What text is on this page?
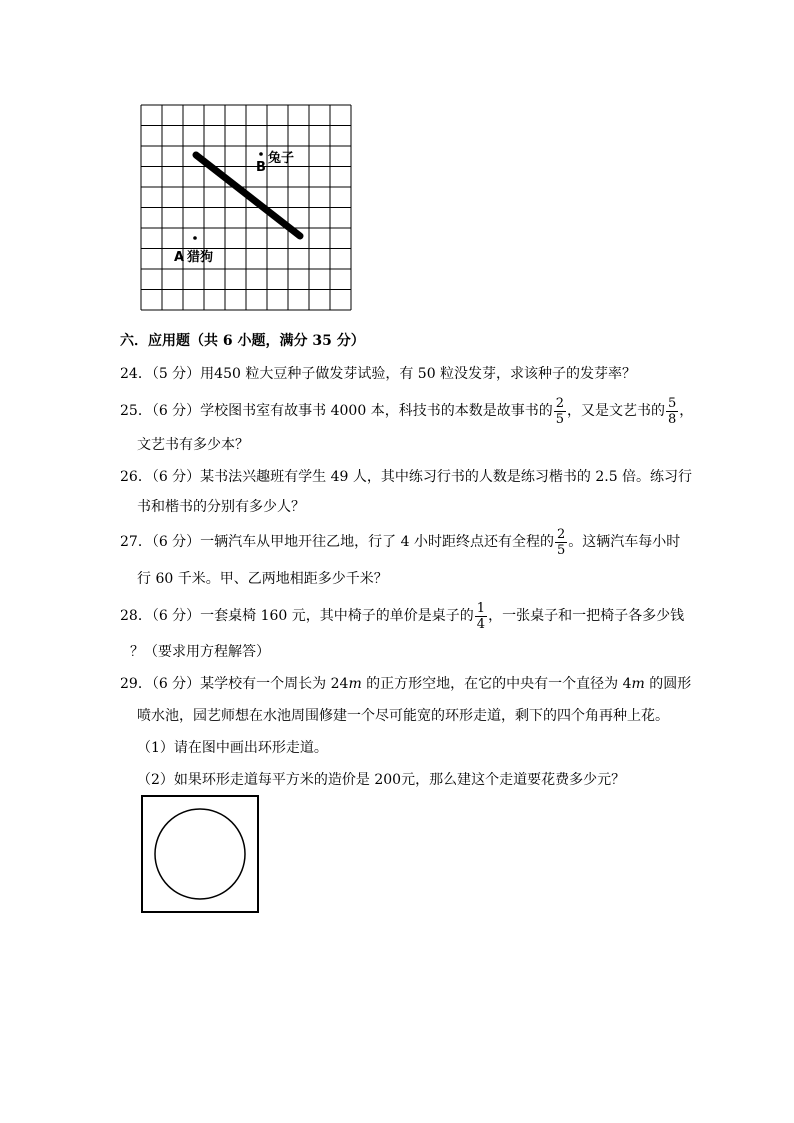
B
兔子
A 猎狗
六．应用题（共 6 小题，满分 35 分）
24．（5 分）用450 粒大豆种子做发芽试验，有 50 粒没发芽，求该种子的发芽率？
25．（6 分）学校图书室有故事书 4000 本，科技书的本数是故事书的 $\frac{2}{5}$ ，又是文艺书的 $\frac{5}{8}$ ，
文艺书有多少本？
26．（6 分）某书法兴趣班有学生 49 人，其中练习行书的人数是练习楷书的 2.5 倍。练习行
书和楷书的分别有多少人？
27．（6 分）一辆汽车从甲地开往乙地，行了 4 小时距终点还有全程的 $\frac{2}{5}$ 。这辆汽车每小时
行 60 千米。甲、乙两地相距多少千米？
28．（6 分）一套桌椅 160 元，其中椅子的单价是桌子的 $\frac{1}{4}$ ，一张桌子和一把椅子各多少钱
？（要求用方程解答）
29．（6 分）某学校有一个周长为 24m 的正方形空地，在它的中央有一个直径为 4m 的圆形
喷水池，园艺师想在水池周围修建一个尽可能宽的环形走道，剩下的四个角再种上花。
（1）请在图中画出环形走道。
（2）如果环形走道每平方米的造价是 200元，那么建这个走道要花费多少元？
